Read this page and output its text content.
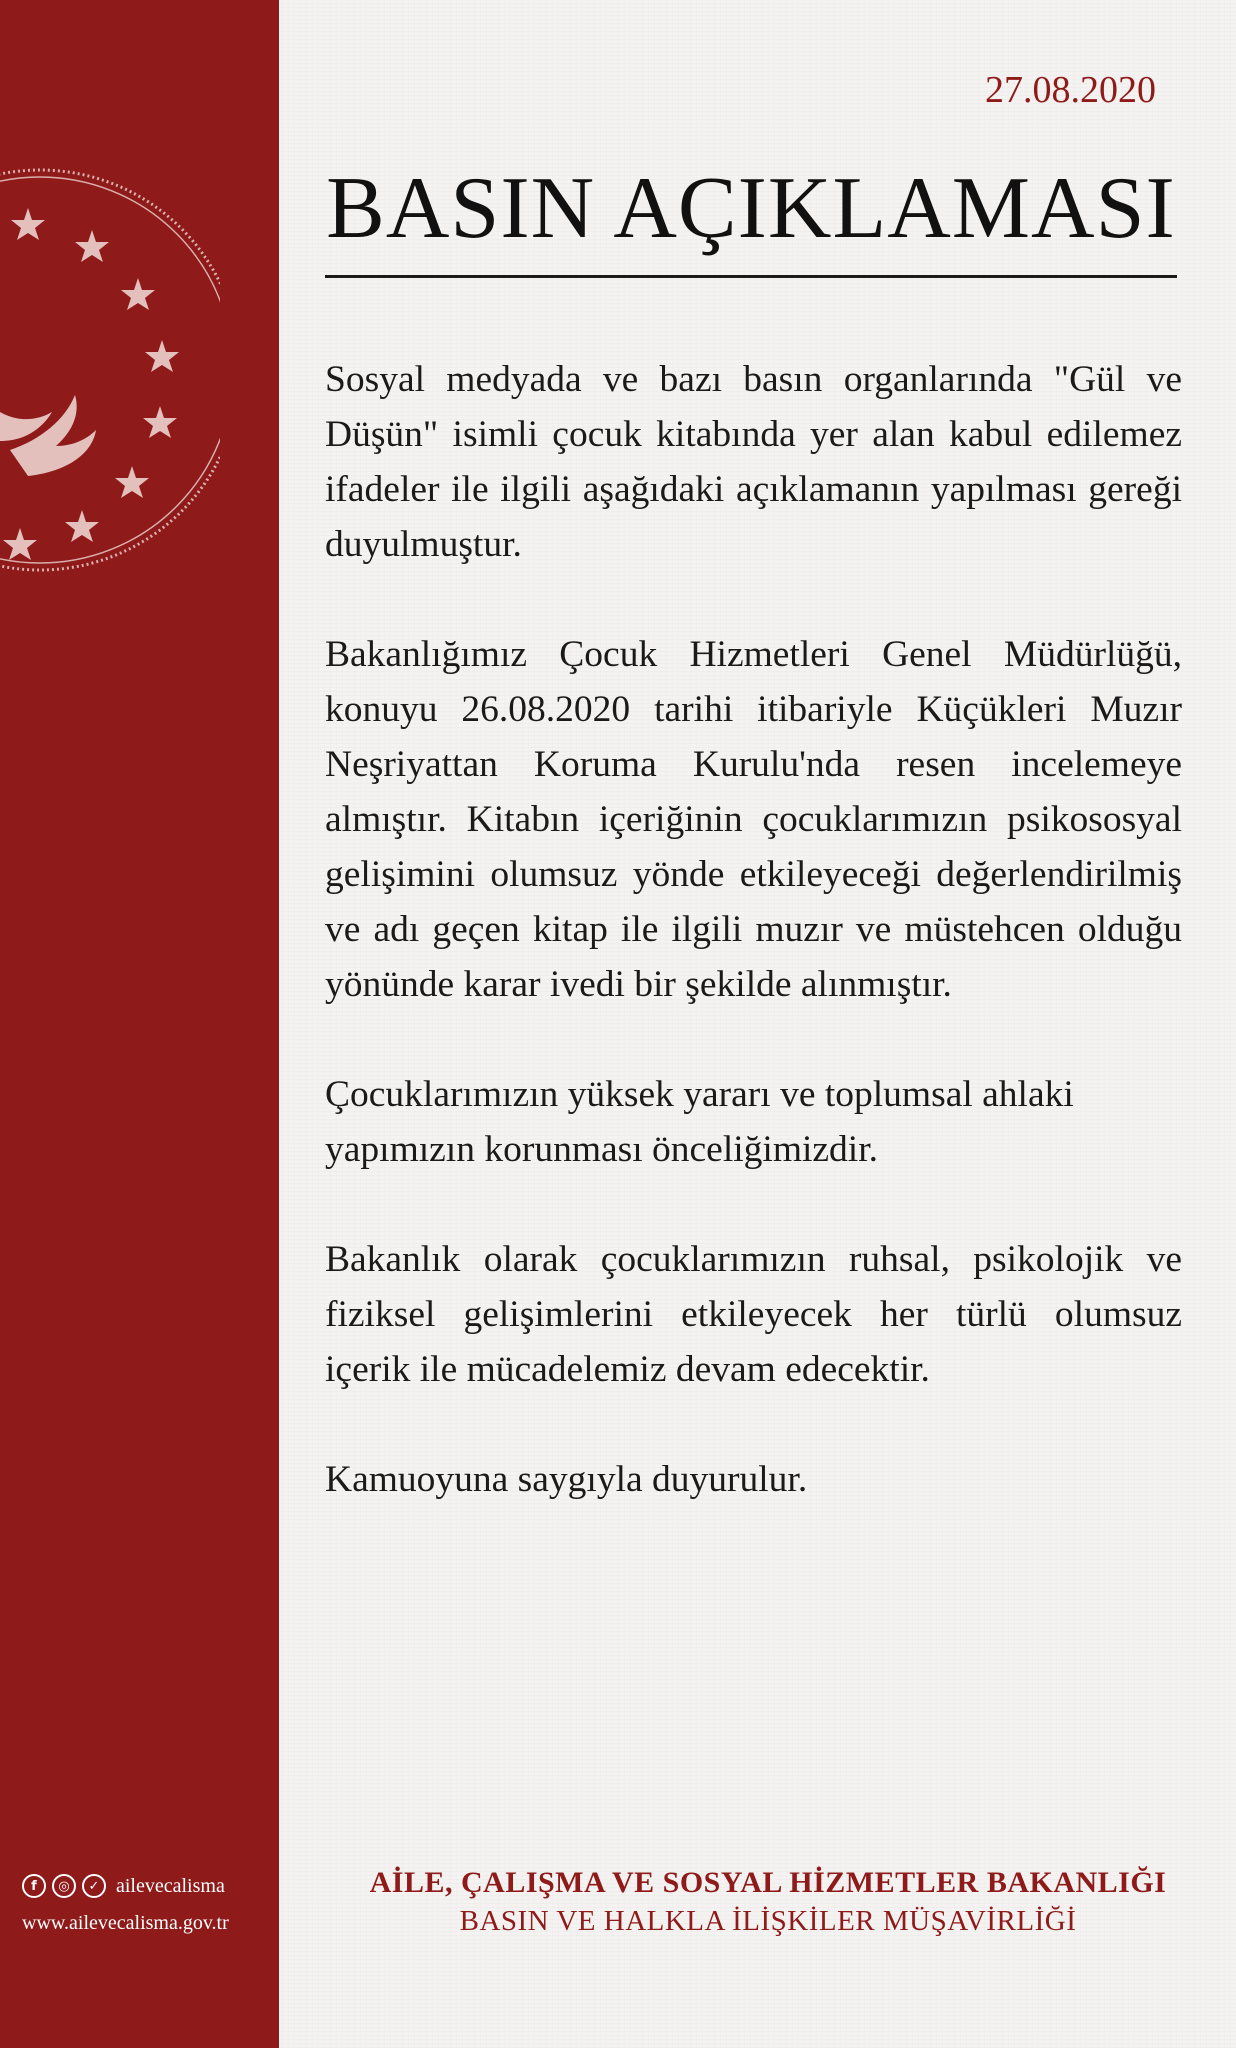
f	◎	✓ ailevecalisma
www.ailevecalisma.gov.tr
27.08.2020
BASIN AÇIKLAMASI

Sosyal medyada ve bazı basın organlarında "Gül ve Düşün" isimli çocuk kitabında yer alan kabul edilemez ifadeler ile ilgili aşağıdaki açıklamanın yapılması gereği duyulmuştur.

Bakanlığımız Çocuk Hizmetleri Genel Müdürlüğü, konuyu 26.08.2020 tarihi itibariyle Küçükleri Muzır Neşriyattan Koruma Kurulu'nda resen incelemeye almıştır. Kitabın içeriğinin çocuklarımızın psikososyal gelişimini olumsuz yönde etkileyeceği değerlendirilmiş ve adı geçen kitap ile ilgili muzır ve müstehcen olduğu yönünde karar ivedi bir şekilde alınmıştır.

Çocuklarımızın yüksek yararı ve toplumsal ahlaki yapımızın korunması önceliğimizdir.

Bakanlık olarak çocuklarımızın ruhsal, psikolojik ve fiziksel gelişimlerini etkileyecek her türlü olumsuz içerik ile mücadelemiz devam edecektir.

Kamuoyuna saygıyla duyurulur.

AİLE, ÇALIŞMA VE SOSYAL HİZMETLER BAKANLIĞI
BASIN VE HALKLA İLİŞKİLER MÜŞAVİRLİĞİ
